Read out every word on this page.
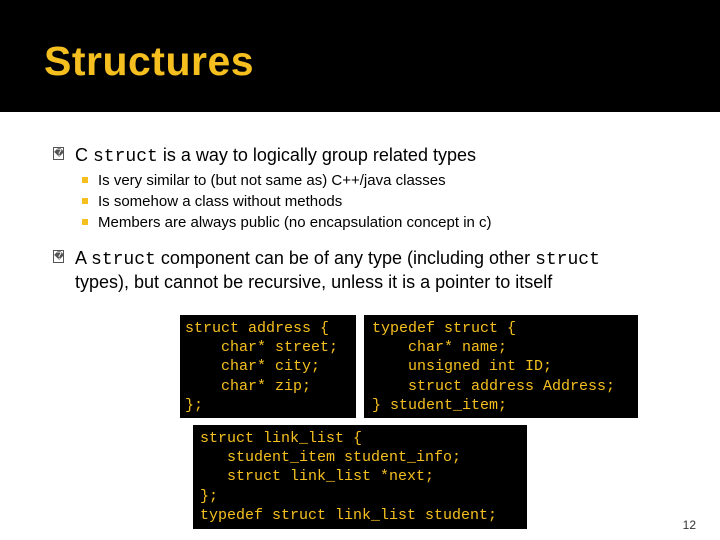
Structures
� C struct is a way to logically group related types
Is very similar to (but not same as) C++/java classes
Is somehow a class without methods
Members are always public (no encapsulation concept in c)
� A struct component can be of any type (including other struct
types), but cannot be recursive, unless it is a pointer to itself
struct address {
char* street;
char* city;
char* zip;
};
typedef struct {
char* name;
unsigned int ID;
struct address Address;
} student_item;
struct link_list {
student_item student_info;
struct link_list *next;
};
typedef struct link_list student;
12
